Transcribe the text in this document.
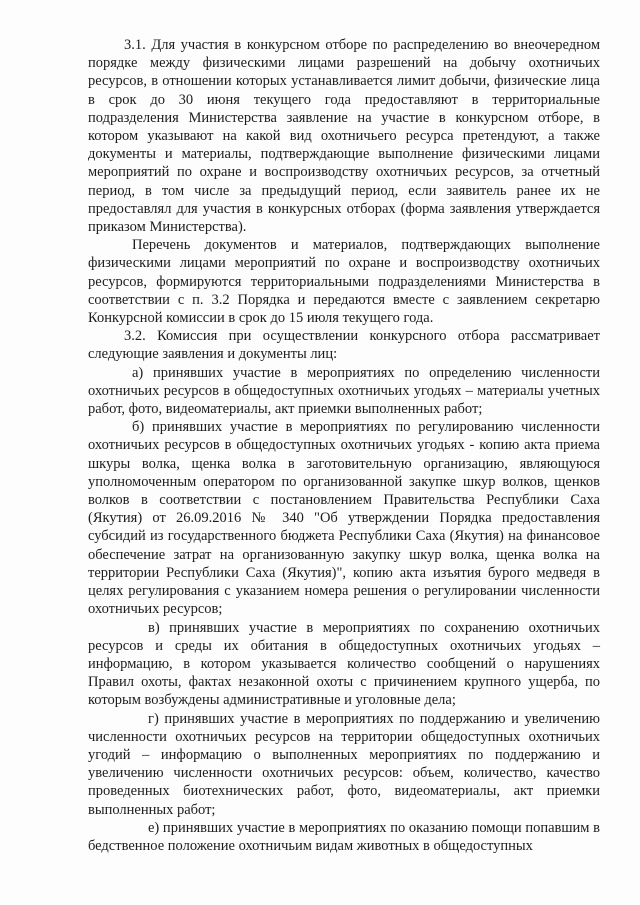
3.1. Для участия в конкурсном отборе по распределению во внеочередном порядке между физическими лицами разрешений на добычу охотничьих ресурсов, в отношении которых устанавливается лимит добычи, физические лица в срок до 30 июня текущего года предоставляют в территориальные подразделения Министерства заявление на участие в конкурсном отборе, в котором указывают на какой вид охотничьего ресурса претендуют, а также документы и материалы, подтверждающие выполнение физическими лицами мероприятий по охране и воспроизводству охотничьих ресурсов, за отчетный период, в том числе за предыдущий период, если заявитель ранее их не предоставлял для участия в конкурсных отборах (форма заявления утверждается приказом Министерства).

Перечень документов и материалов, подтверждающих выполнение физическими лицами мероприятий по охране и воспроизводству охотничьих ресурсов, формируются территориальными подразделениями Министерства в соответствии с п. 3.2 Порядка и передаются вместе с заявлением секретарю Конкурсной комиссии в срок до 15 июля текущего года.

3.2. Комиссия при осуществлении конкурсного отбора рассматривает следующие заявления и документы лиц:

а) принявших участие в мероприятиях по определению численности охотничьих ресурсов в общедоступных охотничьих угодьях – материалы учетных работ, фото, видеоматериалы, акт приемки выполненных работ;

б) принявших участие в мероприятиях по регулированию численности охотничьих ресурсов в общедоступных охотничьих угодьях - копию акта приема шкуры волка, щенка волка в заготовительную организацию, являющуюся уполномоченным оператором по организованной закупке шкур волков, щенков волков в соответствии с постановлением Правительства Республики Саха (Якутия) от 26.09.2016 № 340 "Об утверждении Порядка предоставления субсидий из государственного бюджета Республики Саха (Якутия) на финансовое обеспечение затрат на организованную закупку шкур волка, щенка волка на территории Республики Саха (Якутия)", копию акта изъятия бурого медведя в целях регулирования с указанием номера решения о регулировании численности охотничьих ресурсов;

в) принявших участие в мероприятиях по сохранению охотничьих ресурсов и среды их обитания в общедоступных охотничьих угодьях – информацию, в котором указывается количество сообщений о нарушениях Правил охоты, фактах незаконной охоты с причинением крупного ущерба, по которым возбуждены административные и уголовные дела;

г) принявших участие в мероприятиях по поддержанию и увеличению численности охотничьих ресурсов на территории общедоступных охотничьих угодий – информацию о выполненных мероприятиях по поддержанию и увеличению численности охотничьих ресурсов: объем, количество, качество проведенных биотехнических работ, фото, видеоматериалы, акт приемки выполненных работ;

е) принявших участие в мероприятиях по оказанию помощи попавшим в бедственное положение охотничьим видам животных в общедоступных
